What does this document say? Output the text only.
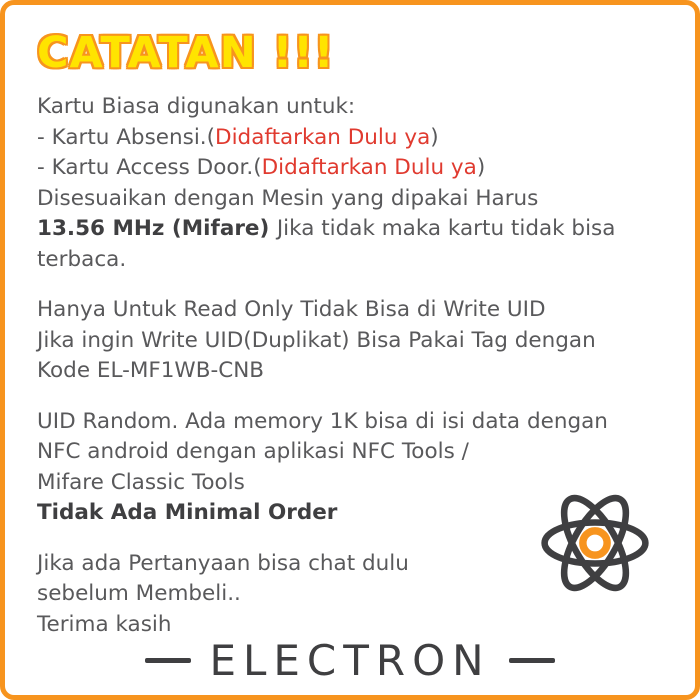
CATATAN !!!
Kartu Biasa digunakan untuk:
- Kartu Absensi.(Didaftarkan Dulu ya)
- Kartu Access Door.(Didaftarkan Dulu ya)
Disesuaikan dengan Mesin yang dipakai Harus
13.56 MHz (Mifare) Jika tidak maka kartu tidak bisa
terbaca.
Hanya Untuk Read Only Tidak Bisa di Write UID
Jika ingin Write UID(Duplikat) Bisa Pakai Tag dengan
Kode EL-MF1WB-CNB
UID Random. Ada memory 1K bisa di isi data dengan
NFC android dengan aplikasi NFC Tools /
Mifare Classic Tools
Tidak Ada Minimal Order
Jika ada Pertanyaan bisa chat dulu
sebelum Membeli..
Terima kasih
ELECTRON
